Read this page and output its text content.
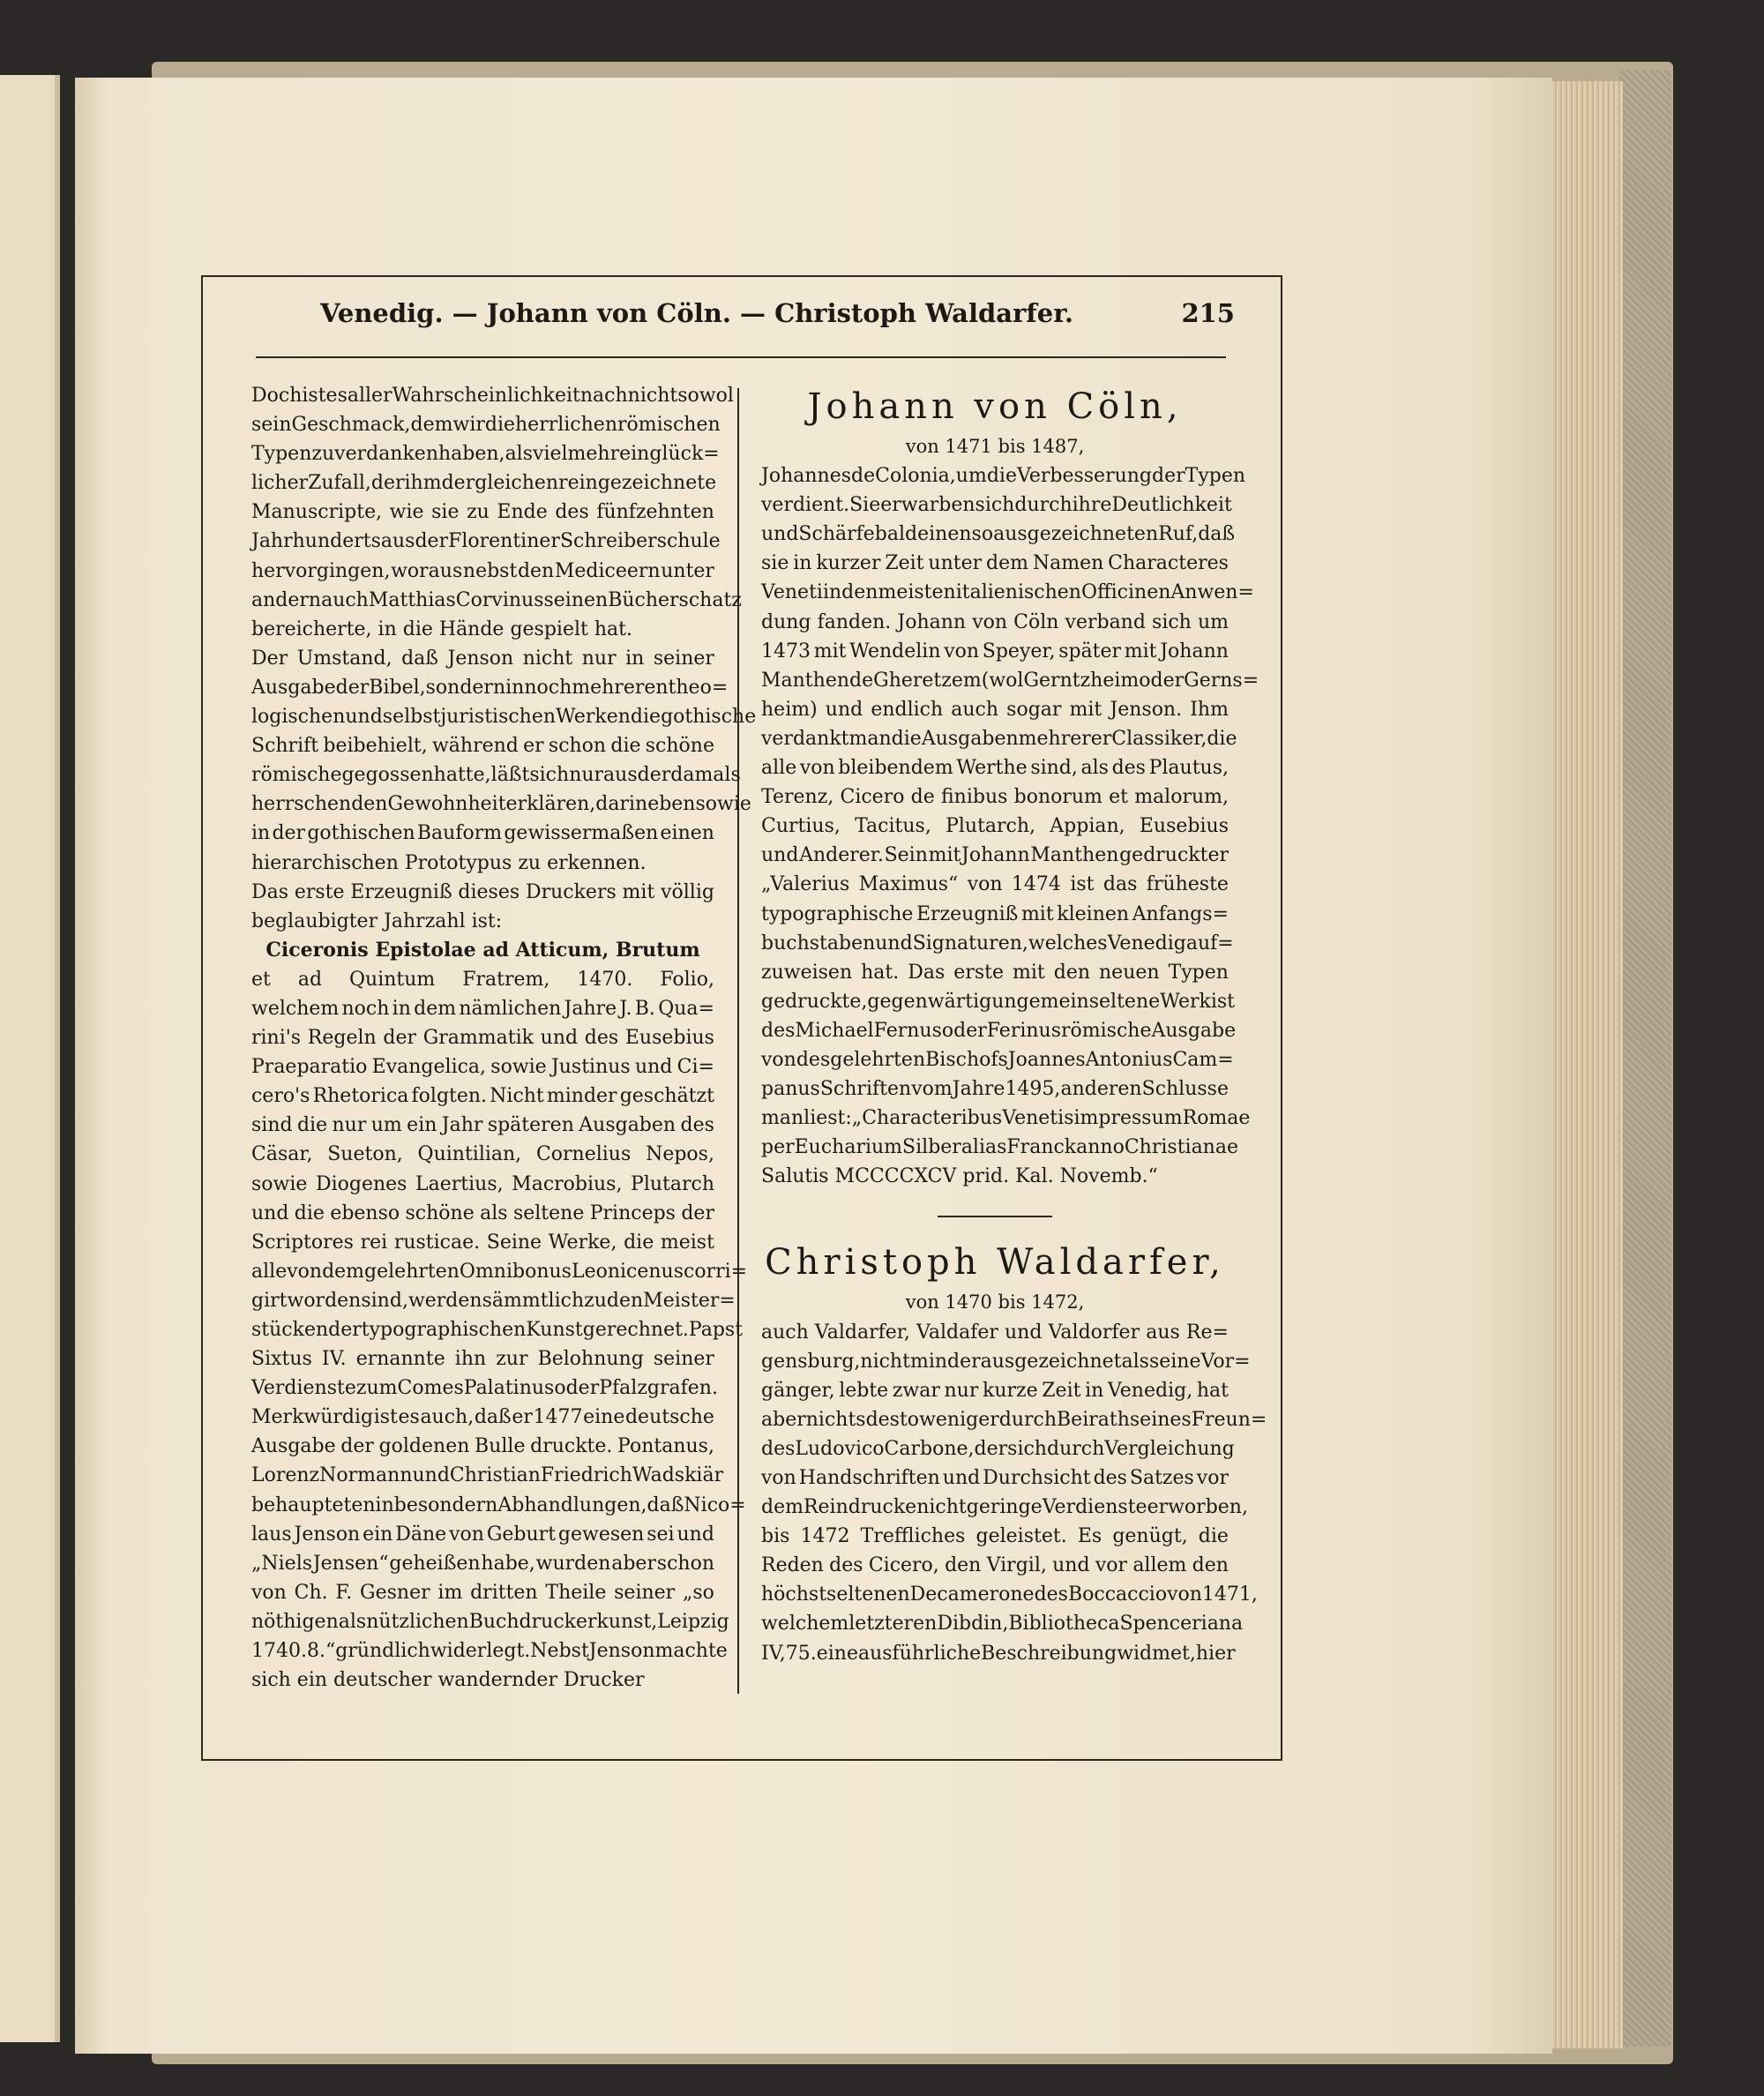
Venedig. — Johann von Cöln. — Christoph Waldarfer.	215
Doch ist es aller Wahrscheinlichkeit nach nicht sowol
sein Geschmack, dem wir die herrlichen römischen
Typen zu verdanken haben, als vielmehr ein glück=
licher Zufall, der ihm dergleichen reingezeichnete
Manuscripte, wie sie zu Ende des fünfzehnten
Jahrhunderts aus der Florentiner Schreiberschule
hervorgingen, woraus nebst den Mediceern unter
andern auch Matthias Corvinus seinen Bücherschatz
bereicherte, in die Hände gespielt hat.
Der Umstand, daß Jenson nicht nur in seiner
Ausgabe der Bibel, sondern in noch mehreren theo=
logischen und selbst juristischen Werken die gothische
Schrift beibehielt, während er schon die schöne
römische gegossen hatte, läßt sich nur aus der damals
herrschenden Gewohnheit erklären, darin ebenso wie
in der gothischen Bauform gewissermaßen einen
hierarchischen Prototypus zu erkennen.
Das erste Erzeugniß dieses Druckers mit völlig
beglaubigter Jahrzahl ist:
Ciceronis Epistolae ad Atticum, Brutum
et ad Quintum Fratrem, 1470. Folio,
welchem noch in dem nämlichen Jahre J. B. Qua=
rini's Regeln der Grammatik und des Eusebius
Praeparatio Evangelica, sowie Justinus und Ci=
cero's Rhetorica folgten. Nicht minder geschätzt
sind die nur um ein Jahr späteren Ausgaben des
Cäsar, Sueton, Quintilian, Cornelius Nepos,
sowie Diogenes Laertius, Macrobius, Plutarch
und die ebenso schöne als seltene Princeps der
Scriptores rei rusticae. Seine Werke, die meist
alle von dem gelehrten Omnibonus Leonicenus corri=
girt worden sind, werden sämmtlich zu den Meister=
stücken der typographischen Kunst gerechnet. Papst
Sixtus IV. ernannte ihn zur Belohnung seiner
Verdienste zum Comes Palatinus oder Pfalzgrafen.
Merkwürdig ist es auch, daß er 1477 eine deutsche
Ausgabe der goldenen Bulle druckte. Pontanus,
Lorenz Normann und Christian Friedrich Wadskiär
behaupteten in besondern Abhandlungen, daß Nico=
laus Jenson ein Däne von Geburt gewesen sei und
„Niels Jensen“ geheißen habe, wurden aber schon
von Ch. F. Gesner im dritten Theile seiner „so
nöthigen als nützlichen Buchdruckerkunst, Leipzig
1740. 8.“ gründlich widerlegt. Nebst Jenson machte
sich ein deutscher wandernder Drucker
Johann von Cöln,
von 1471 bis 1487,
Johannes de Colonia, um die Verbesserung der Typen
verdient. Sie erwarben sich durch ihre Deutlichkeit
und Schärfe bald einen so ausgezeichneten Ruf, daß
sie in kurzer Zeit unter dem Namen Characteres
Veneti in den meisten italienischen Officinen Anwen=
dung fanden. Johann von Cöln verband sich um
1473 mit Wendelin von Speyer, später mit Johann
Manthen de Gheretzem (wol Gerntzheim oder Gerns=
heim) und endlich auch sogar mit Jenson. Ihm
verdankt man die Ausgaben mehrerer Classiker, die
alle von bleibendem Werthe sind, als des Plautus,
Terenz, Cicero de finibus bonorum et malorum,
Curtius, Tacitus, Plutarch, Appian, Eusebius
und Anderer. Sein mit Johann Manthen gedruckter
„Valerius Maximus“ von 1474 ist das früheste
typographische Erzeugniß mit kleinen Anfangs=
buchstaben und Signaturen, welches Venedig auf=
zuweisen hat. Das erste mit den neuen Typen
gedruckte, gegenwärtig ungemein seltene Werk ist
des Michael Fernus oder Ferinus römische Ausgabe
von des gelehrten Bischofs Joannes Antonius Cam=
panus Schriften vom Jahre 1495, an deren Schlusse
man liest: „Characteribus Venetis impressum Romae
per Eucharium Silber alias Franck anno Christianae
Salutis MCCCCXCV prid. Kal. Novemb.“
Christoph Waldarfer,
von 1470 bis 1472,
auch Valdarfer, Valdafer und Valdorfer aus Re=
gensburg, nicht minder ausgezeichnet als seine Vor=
gänger, lebte zwar nur kurze Zeit in Venedig, hat
aber nichts desto weniger durch Beirath seines Freun=
des Ludovico Carbone, der sich durch Vergleichung
von Handschriften und Durchsicht des Satzes vor
dem Reindrucke nicht geringe Verdienste erworben,
bis 1472 Treffliches geleistet. Es genügt, die
Reden des Cicero, den Virgil, und vor allem den
höchst seltenen Decamerone des Boccaccio von 1471,
welchem letzteren Dibdin, Bibliotheca Spenceriana
IV, 75. eine ausführliche Beschreibung widmet, hier
